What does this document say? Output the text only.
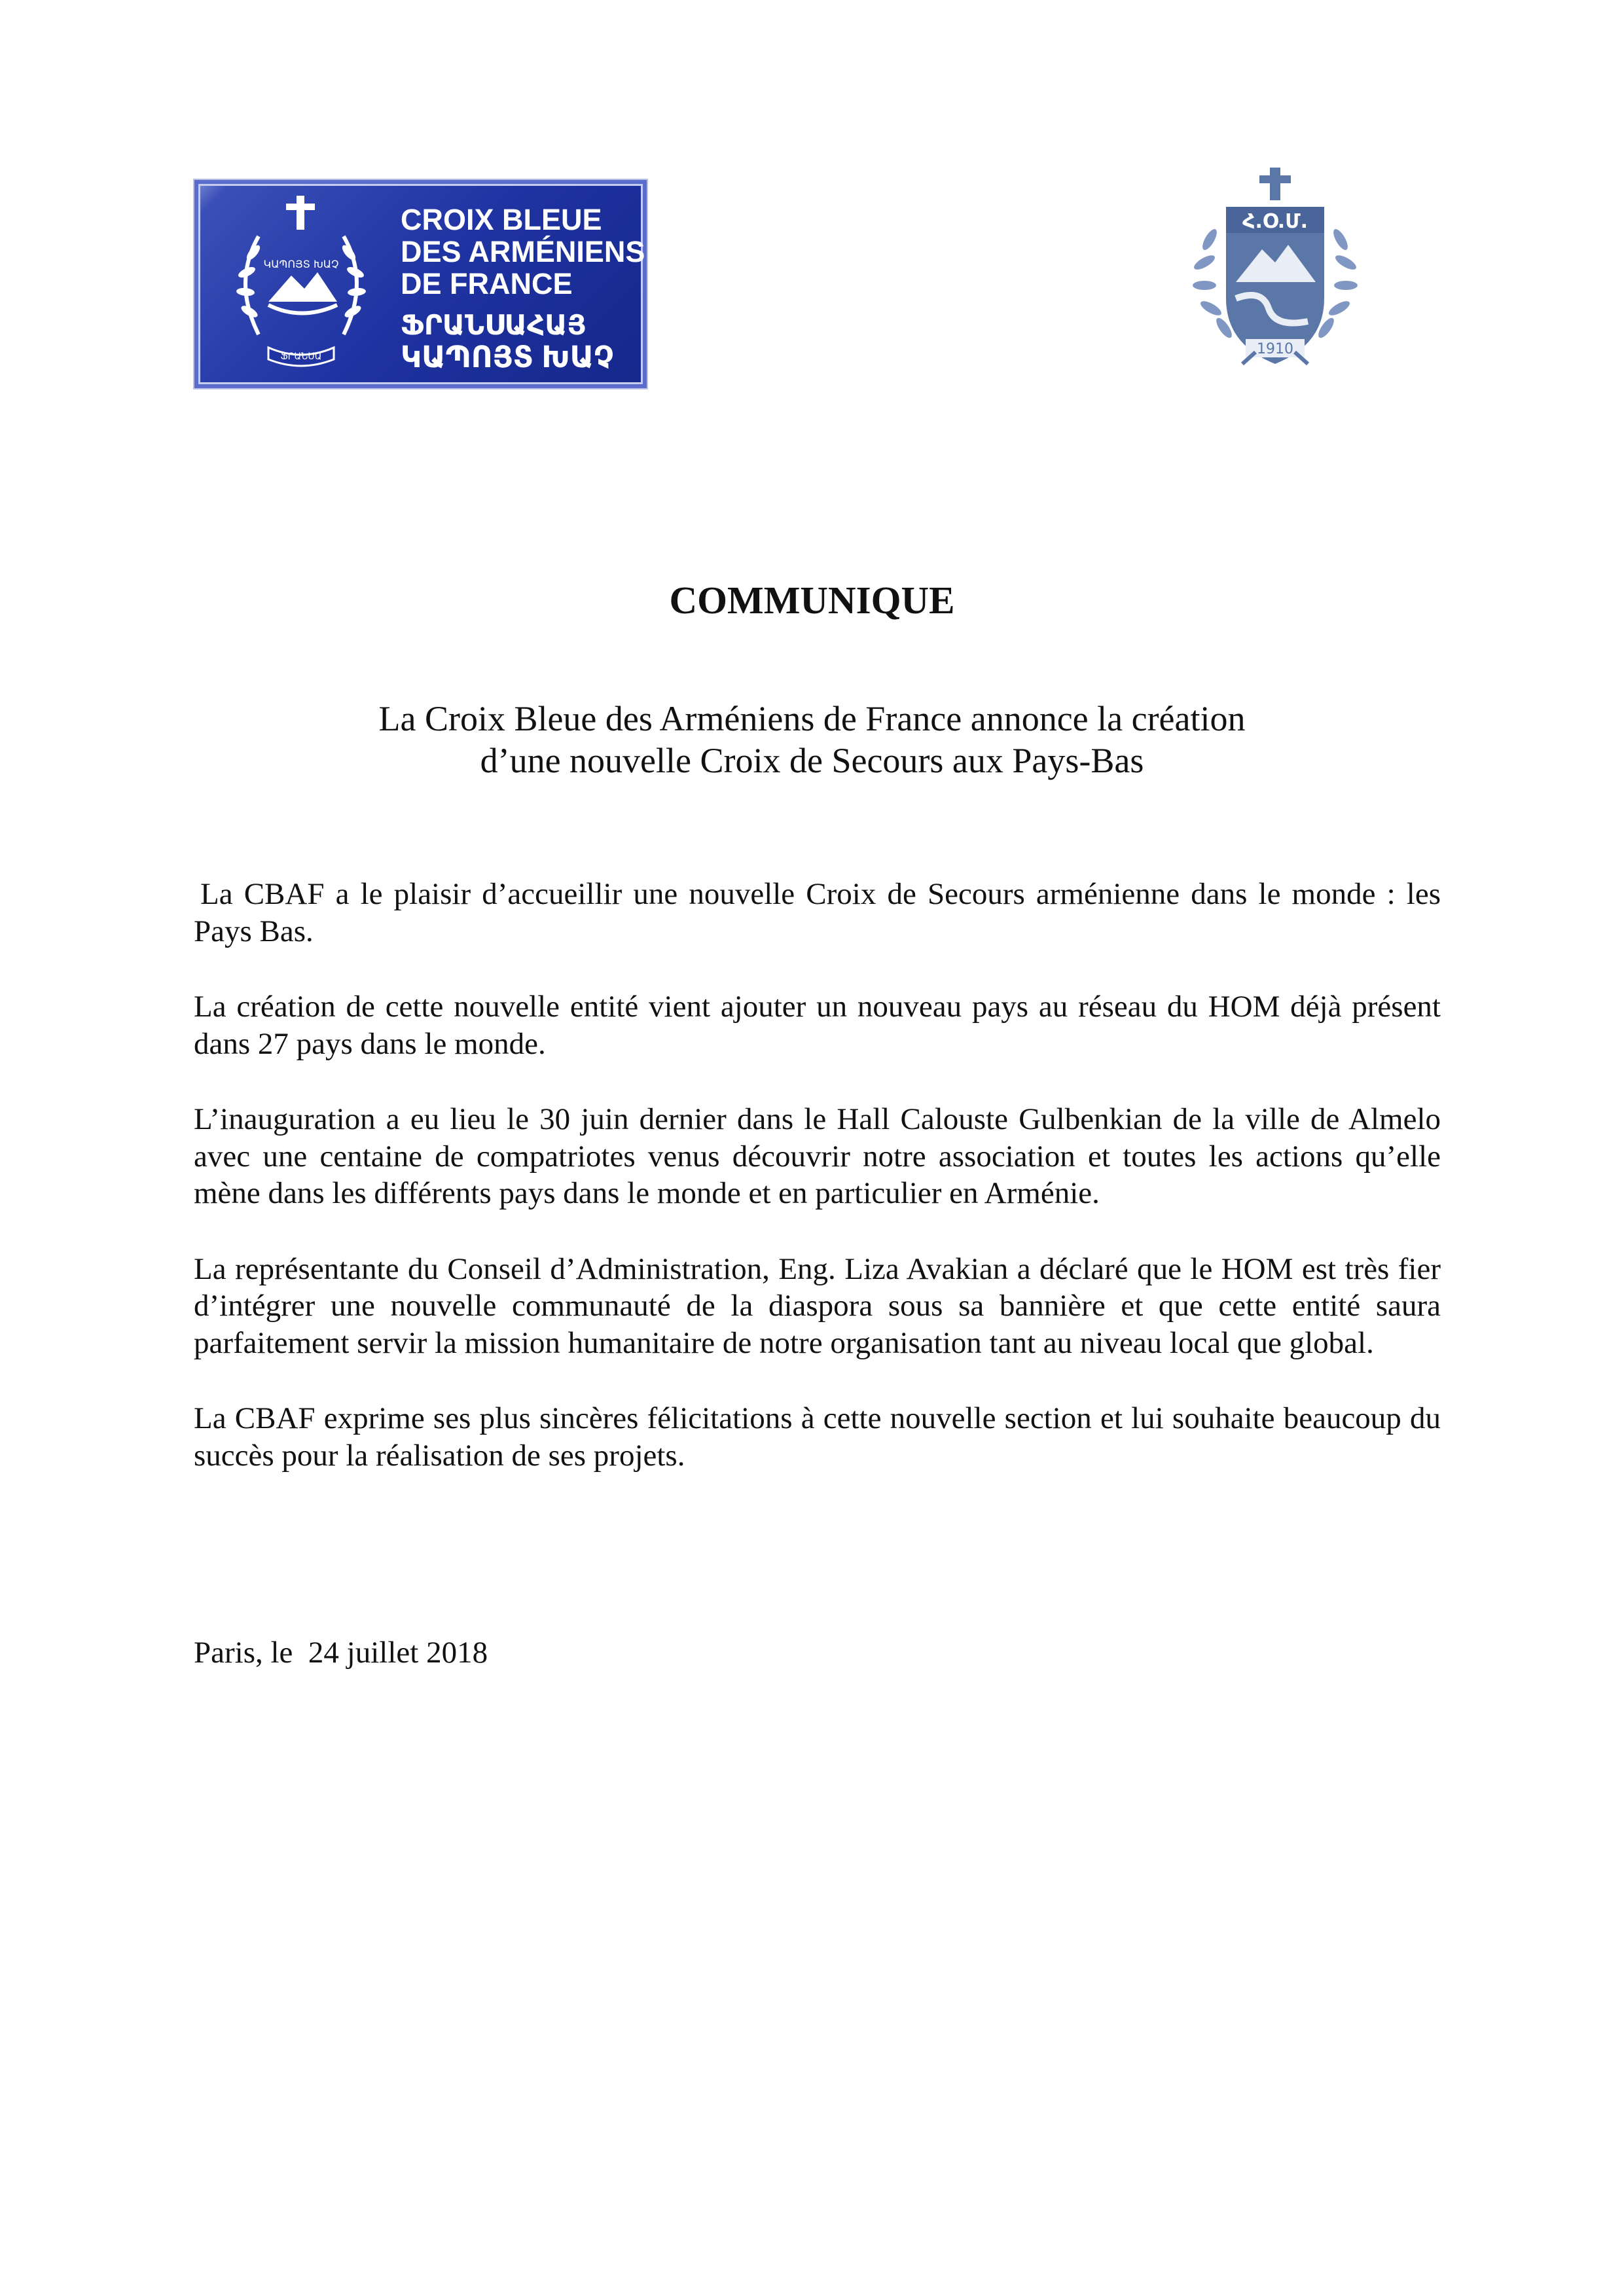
ՖՐԱՆՍԱ
ԿԱՊՈՅՏ ԽԱՉ
CROIX BLEUE
DES ARMÉNIENS
DE FRANCE
ՖՐԱՆՍԱՀԱՅ
ԿԱՊՈՅՏ ԽԱՉ
Հ.Օ.Մ.
1910
COMMUNIQUE
La Croix Bleue des Arméniens de France annonce la création
d’une nouvelle Croix de Secours aux Pays-Bas

La CBAF a le plaisir d’accueillir une nouvelle Croix de Secours arménienne dans le monde : les Pays Bas.

La création de cette nouvelle entité vient ajouter un nouveau pays au réseau du HOM déjà présent dans 27 pays dans le monde.

L’inauguration a eu lieu le 30 juin dernier dans le Hall Calouste Gulbenkian de la ville de Almelo avec une centaine de compatriotes venus découvrir notre association et toutes les actions qu’elle mène dans les différents pays dans le monde et en particulier en Arménie.

La représentante du Conseil d’Administration, Eng. Liza Avakian a déclaré que le HOM est très fier d’intégrer une nouvelle communauté de la diaspora sous sa bannière et que cette entité saura parfaitement servir la mission humanitaire de notre organisation tant au niveau local que global.

La CBAF exprime ses plus sincères félicitations à cette nouvelle section et lui souhaite beaucoup du succès pour la réalisation de ses projets.

Paris, le  24 juillet 2018
